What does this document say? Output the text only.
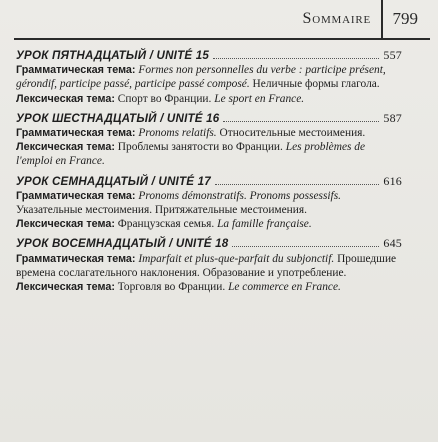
Sommaire	799
УРОК ПЯТНАДЦАТЫЙ / UNITÉ 15	557

Грамматическая тема: Formes non personnelles du verbe : participe présent, gérondif, participe passé, participe passé composé. Неличные формы глагола.

Лексическая тема: Спорт во Франции. Le sport en France.

УРОК ШЕСТНАДЦАТЫЙ / UNITÉ 16	587

Грамматическая тема: Pronoms relatifs. Относительные местоимения.

Лексическая тема: Проблемы занятости во Франции. Les problèmes de l'emploi en France.

УРОК СЕМНАДЦАТЫЙ / UNITÉ 17	616

Грамматическая тема: Pronoms démonstratifs. Pronoms possessifs. Указательные местоимения. Притяжательные местоимения.

Лексическая тема: Французская семья. La famille française.

УРОК ВОСЕМНАДЦАТЫЙ / UNITÉ 18	645

Грамматическая тема: Imparfait et plus-que-parfait du subjonctif. Прошедшие времена сослагательного наклонения. Образование и употребление.

Лексическая тема: Торговля во Франции. Le commerce en France.
